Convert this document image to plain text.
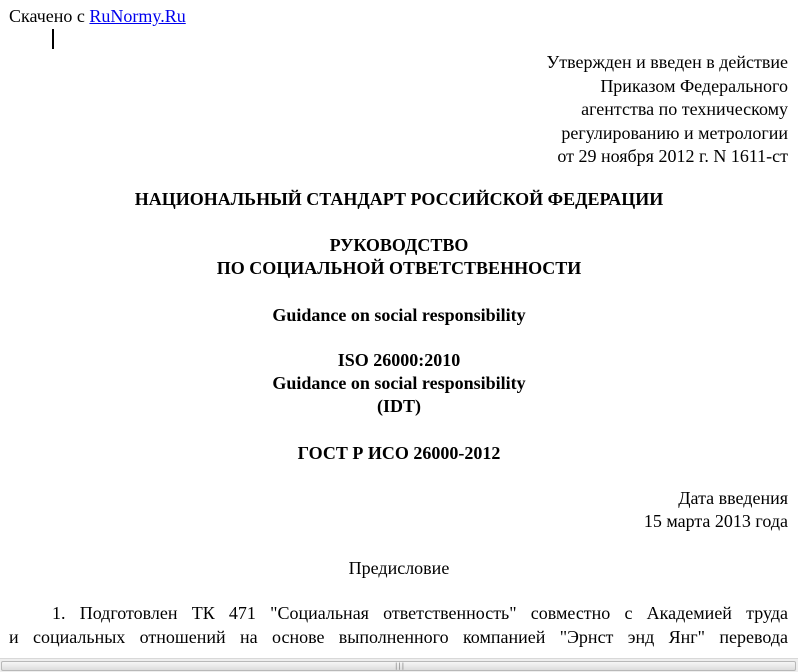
Скачено с RuNormy.Ru
Утвержден и введен в действие
Приказом Федерального
агентства по техническому
регулированию и метрологии
от 29 ноября 2012 г. N 1611-ст
НАЦИОНАЛЬНЫЙ СТАНДАРТ РОССИЙСКОЙ ФЕДЕРАЦИИ
РУКОВОДСТВО
ПО СОЦИАЛЬНОЙ ОТВЕТСТВЕННОСТИ
Guidance on social responsibility
ISO 26000:2010
Guidance on social responsibility
(IDT)
ГОСТ Р ИСО 26000-2012
Дата введения
15 марта 2013 года
Предисловие
1. Подготовлен ТК 471 "Социальная ответственность" совместно с Академией труда
и социальных отношений на основе выполненного компанией "Эрнст энд Янг" перевода
|||
